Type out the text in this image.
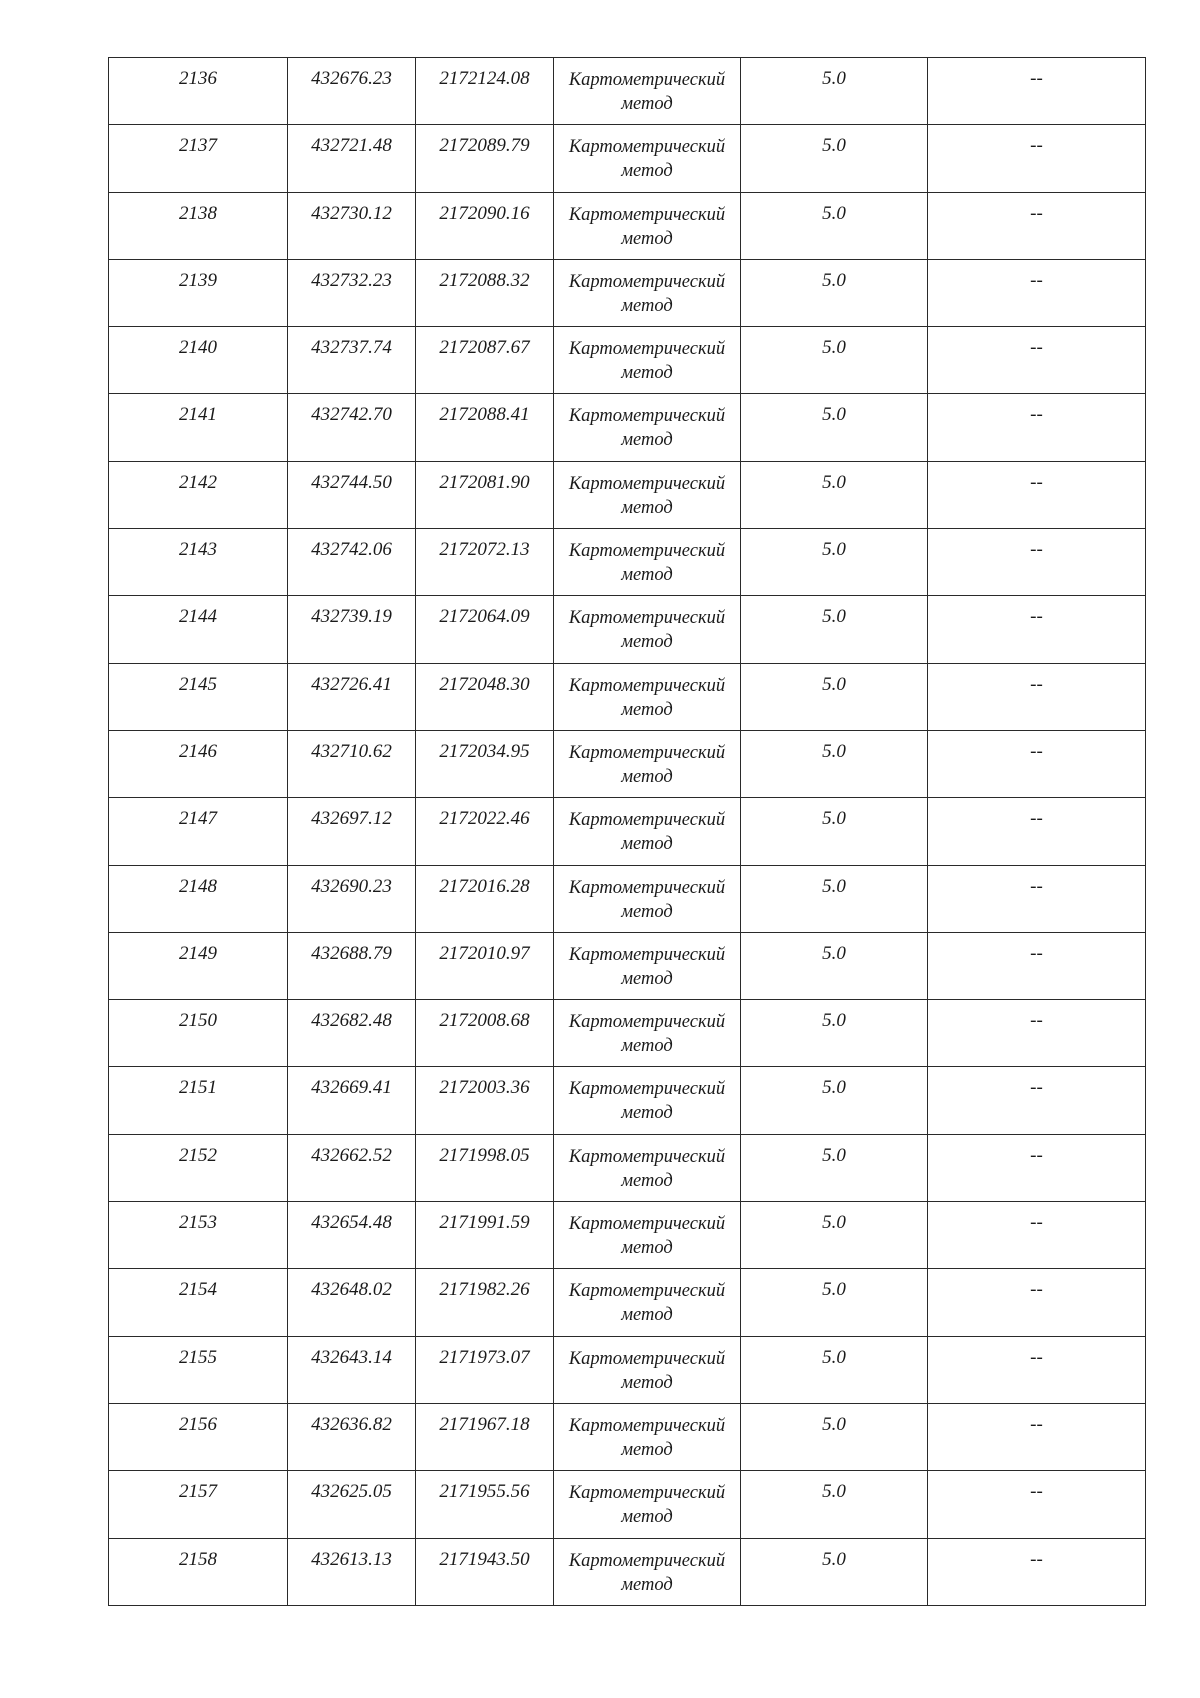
2136	432676.23	2172124.08	Картометрический
метод	5.0	--

2137	432721.48	2172089.79	Картометрический
метод	5.0	--

2138	432730.12	2172090.16	Картометрический
метод	5.0	--

2139	432732.23	2172088.32	Картометрический
метод	5.0	--

2140	432737.74	2172087.67	Картометрический
метод	5.0	--

2141	432742.70	2172088.41	Картометрический
метод	5.0	--

2142	432744.50	2172081.90	Картометрический
метод	5.0	--

2143	432742.06	2172072.13	Картометрический
метод	5.0	--

2144	432739.19	2172064.09	Картометрический
метод	5.0	--

2145	432726.41	2172048.30	Картометрический
метод	5.0	--

2146	432710.62	2172034.95	Картометрический
метод	5.0	--

2147	432697.12	2172022.46	Картометрический
метод	5.0	--

2148	432690.23	2172016.28	Картометрический
метод	5.0	--

2149	432688.79	2172010.97	Картометрический
метод	5.0	--

2150	432682.48	2172008.68	Картометрический
метод	5.0	--

2151	432669.41	2172003.36	Картометрический
метод	5.0	--

2152	432662.52	2171998.05	Картометрический
метод	5.0	--

2153	432654.48	2171991.59	Картометрический
метод	5.0	--

2154	432648.02	2171982.26	Картометрический
метод	5.0	--

2155	432643.14	2171973.07	Картометрический
метод	5.0	--

2156	432636.82	2171967.18	Картометрический
метод	5.0	--

2157	432625.05	2171955.56	Картометрический
метод	5.0	--

2158	432613.13	2171943.50	Картометрический
метод	5.0	--
